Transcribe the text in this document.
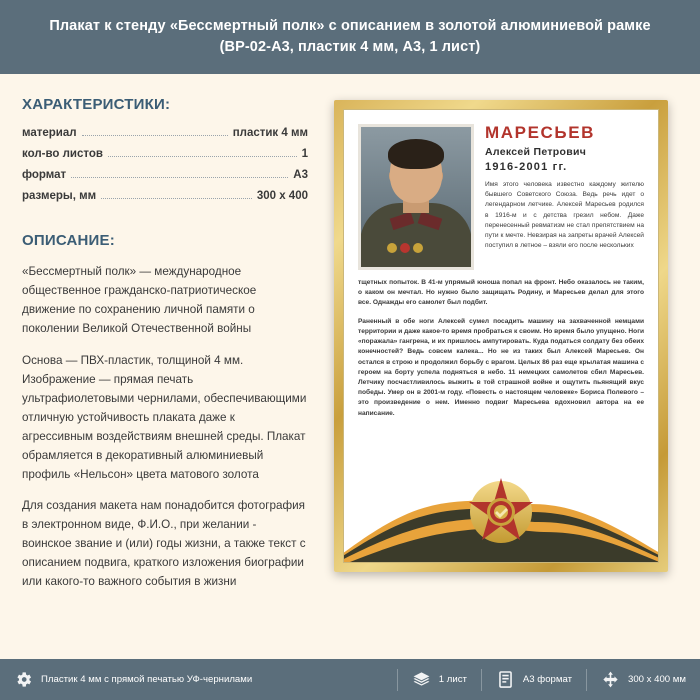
Плакат к стенду «Бессмертный полк» с описанием в золотой алюминиевой рамке
(ВР-02-А3, пластик 4 мм, А3, 1 лист)
ХАРАКТЕРИСТИКИ:
материал	пластик 4 мм
кол-во листов	1
формат	А3
размеры, мм	300 х 400
ОПИСАНИЕ:

«Бессмертный полк» — международное общественное гражданско-патриотическое движение по сохранению личной памяти о поколении Великой Отечественной войны

Основа — ПВХ-пластик, толщиной 4 мм. Изображение — прямая печать ультрафиолетовыми чернилами, обеспечивающими отличную устойчивость плаката даже к агрессивным воздействиям внешней среды. Плакат обрамляется в декоративный алюминиевый профиль «Нельсон» цвета матового золота

Для создания макета нам понадобится фотография в электронном виде, Ф.И.О., при желании - воинское звание и (или) годы жизни, а также текст с описанием подвига, краткого изложения биографии или какого-то важного события в жизни

МАРЕСЬЕВ
Алексей Петрович
1916-2001 гг.
Имя этого человека известно каждому жителю бывшего Советского Союза. Ведь речь идет о легендарном летчике. Алексей Маресьев родился в 1916-м и с детства грезил небом. Даже перенесенный ревматизм не стал препятствием на пути к мечте. Невзирая на запреты врачей Алексей поступил в летное – взяли его после нескольких

тщетных попыток. В 41-м упрямый юноша попал на фронт. Небо оказалось не таким, о каком он мечтал. Но нужно было защищать Родину, и Маресьев делал для этого все. Однажды его самолет был подбит.

Раненный в обе ноги Алексей сумел посадить машину на захваченной немцами территории и даже какое-то время пробраться к своим. Но время было упущено. Ноги «поражала» гангрена, и их пришлось ампутировать. Куда податься солдату без обеих конечностей? Ведь совсем калека... Но не из таких был Алексей Маресьев. Он остался в строю и продолжил борьбу с врагом. Целых 86 раз еще крылатая машина с героем на борту успела подняться в небо. 11 немецких самолетов сбил Маресьев. Летчику посчастливилось выжить в той страшной войне и ощутить пьянящий вкус победы. Умер он в 2001-м году. «Повесть о настоящем человеке» Бориса Полевого – это произведение о нем. Именно подвиг Маресьева вдохновил автора на ее написание.

Пластик 4 мм с прямой печатью УФ-чернилами	1 лист	А3 формат	300 х 400 мм
